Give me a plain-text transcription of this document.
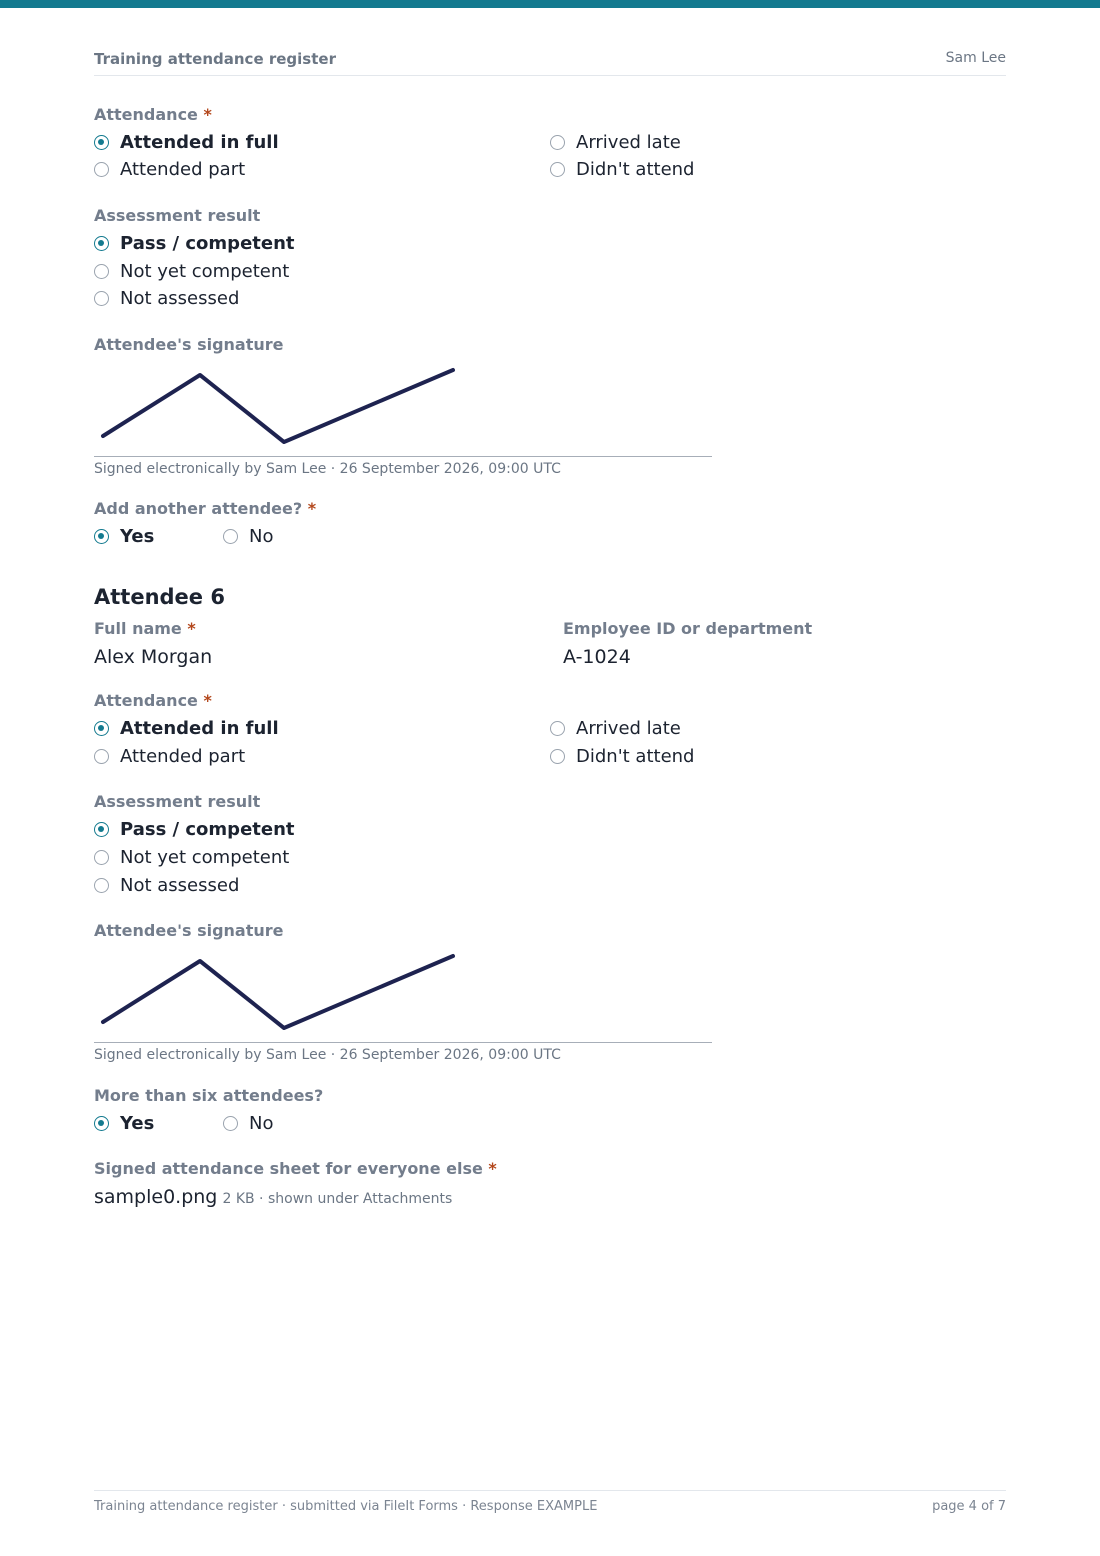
Training attendance register	Sam Lee
Attendance *
Attended in full	Arrived late
Attended part	Didn't attend
Assessment result
Pass / competent
Not yet competent
Not assessed
Attendee's signature
Signed electronically by Sam Lee · 26 September 2026, 09:00 UTC
Add another attendee? *
Yes	No
Attendee 6
Full name *
Alex Morgan
Employee ID or department
A-1024
Attendance *
Attended in full	Arrived late
Attended part	Didn't attend
Assessment result
Pass / competent
Not yet competent
Not assessed
Attendee's signature
Signed electronically by Sam Lee · 26 September 2026, 09:00 UTC
More than six attendees?
Yes	No
Signed attendance sheet for everyone else *
sample0.png 2 KB · shown under Attachments
Training attendance register · submitted via FileIt Forms · Response EXAMPLE	page 4 of 7
